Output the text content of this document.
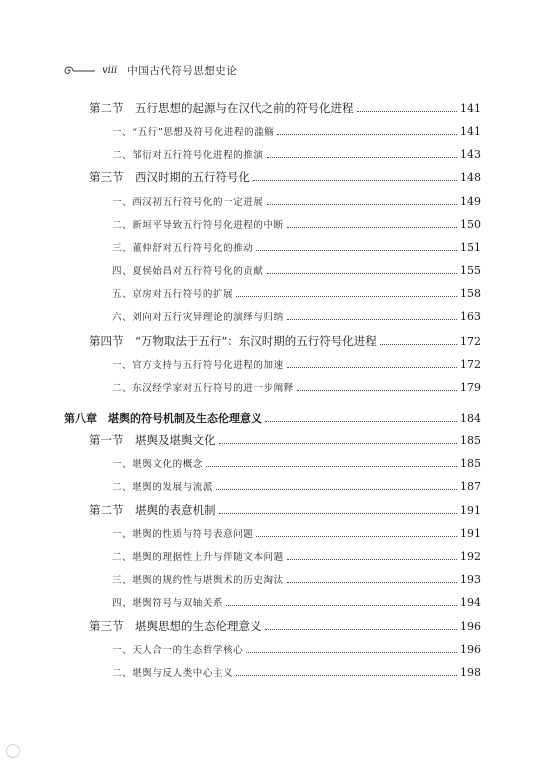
viii 中国古代符号思想史论
第二节 五行思想的起源与在汉代之前的符号化进程	141
一、“五行”思想及符号化进程的滥觞	141
二、邹衍对五行符号化进程的推演	143
第三节 西汉时期的五行符号化	148
一、西汉初五行符号化的一定进展	149
二、新垣平导致五行符号化进程的中断	150
三、董仲舒对五行符号化的推动	151
四、夏侯始昌对五行符号化的贡献	155
五、京房对五行符号的扩展	158
六、刘向对五行灾异理论的演绎与归纳	163
第四节 “万物取法于五行”：东汉时期的五行符号化进程	172
一、官方支持与五行符号化进程的加速	172
二、东汉经学家对五行符号的进一步阐释	179
第八章　堪舆的符号机制及生态伦理意义	184
第一节 堪舆及堪舆文化	185
一、堪舆文化的概念	185
二、堪舆的发展与流派	187
第二节 堪舆的表意机制	191
一、堪舆的性质与符号表意问题	191
二、堪舆的理据性上升与伴随文本问题	192
三、堪舆的规约性与堪舆术的历史淘汰	193
四、堪舆符号与双轴关系	194
第三节 堪舆思想的生态伦理意义	196
一、天人合一的生态哲学核心	196
二、堪舆与反人类中心主义	198
